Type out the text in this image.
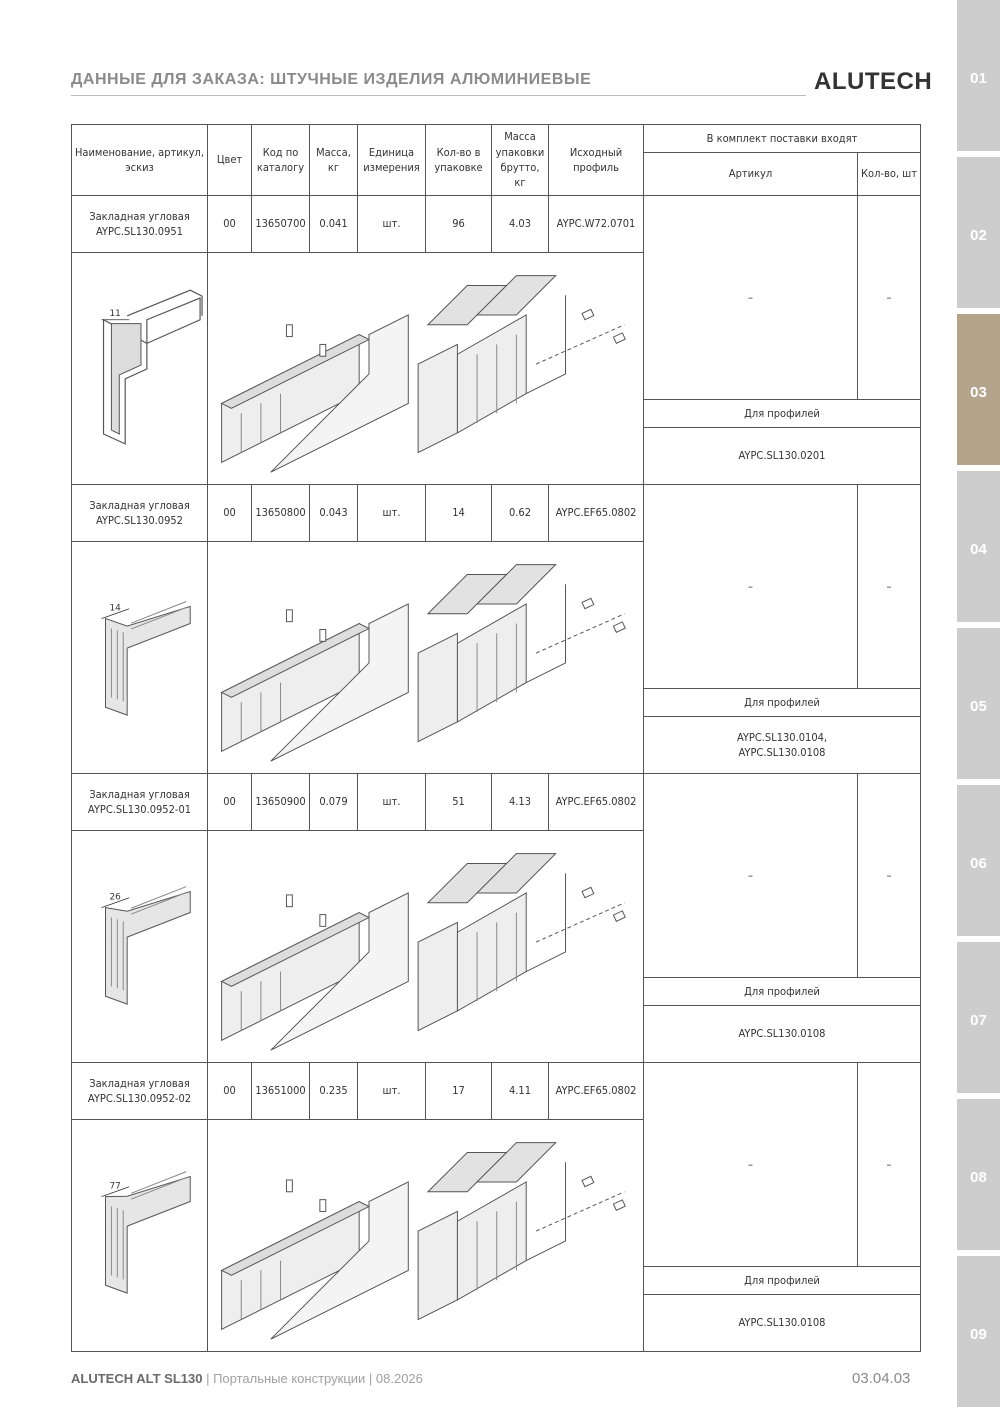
ДАННЫЕ ДЛЯ ЗАКАЗА: ШТУЧНЫЕ ИЗДЕЛИЯ АЛЮМИНИЕВЫЕ	ALUTECH	01
02
03
04
05
06
07
08
09
Наименование, артикул, эскиз	Цвет	Код по каталогу	Масса, кг	Единица измерения	Кол-во в упаковке	Масса упаковки брутто, кг	Исходный профиль	В комплект поставки входят	
								Артикул	Кол-во, шт

Закладная угловая
AYPC.SL130.0951	00	13650700	0.041	шт.	96	4.03	AYPC.W72.0701	–	–

11

								Для профилей	
								AYPC.SL130.0201	

Закладная угловая
AYPC.SL130.0952	00	13650800	0.043	шт.	14	0.62	AYPC.EF65.0802	–	–

14

								Для профилей	
								AYPC.SL130.0104,
AYPC.SL130.0108	

Закладная угловая
AYPC.SL130.0952-01	00	13650900	0.079	шт.	51	4.13	AYPC.EF65.0802	–	–

26

								Для профилей	
								AYPC.SL130.0108	

Закладная угловая
AYPC.SL130.0952-02	00	13651000	0.235	шт.	17	4.11	AYPC.EF65.0802	–	–

77

								Для профилей	
								AYPC.SL130.0108	
ALUTECH ALT SL130 | Портальные конструкции | 08.2026	03.04.03
